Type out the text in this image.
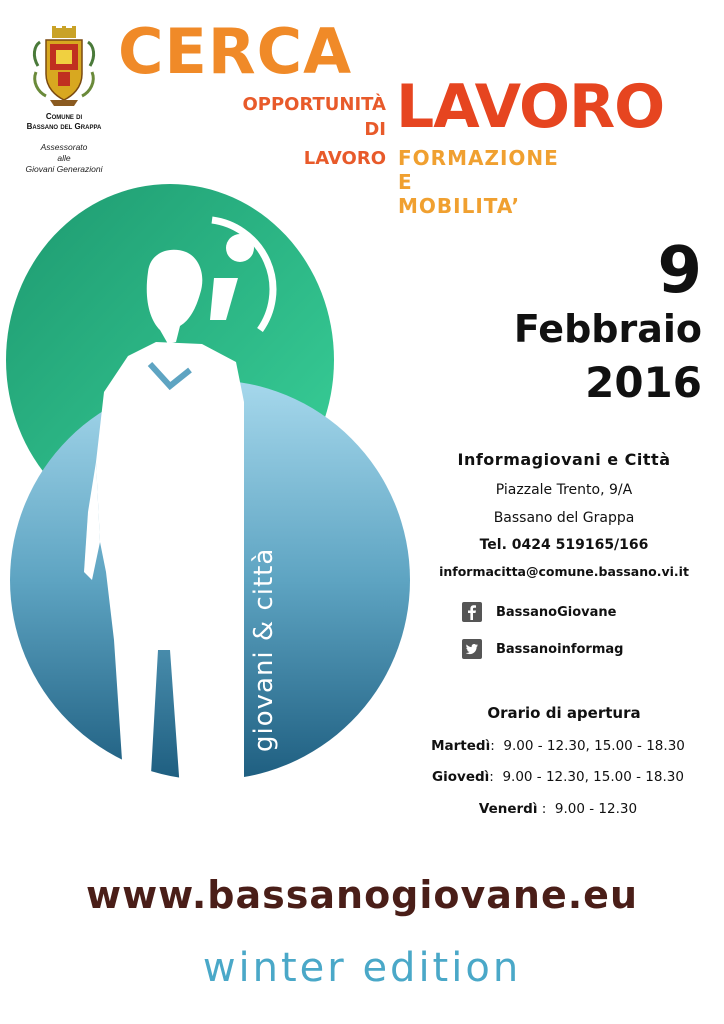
Comune di
Bassano del Grappa
Assessorato
alle
Giovani Generazioni
CERCA
OPPORTUNITÀ
DI
LAVORO
LAVORO
FORMAZIONE
E
MOBILITA’
9
Febbraio
2016
INFORMA
giovani & città
Informagiovani e Città
Piazzale Trento, 9/A
Bassano del Grappa
Tel. 0424 519165/166
informacitta@comune.bassano.vi.it
BassanoGiovane
Bassanoinformag
Orario di apertura
Martedì: 9.00 - 12.30, 15.00 - 18.30
Giovedì: 9.00 - 12.30, 15.00 - 18.30
Venerdì : 9.00 - 12.30
www.bassanogiovane.eu
winter edition
